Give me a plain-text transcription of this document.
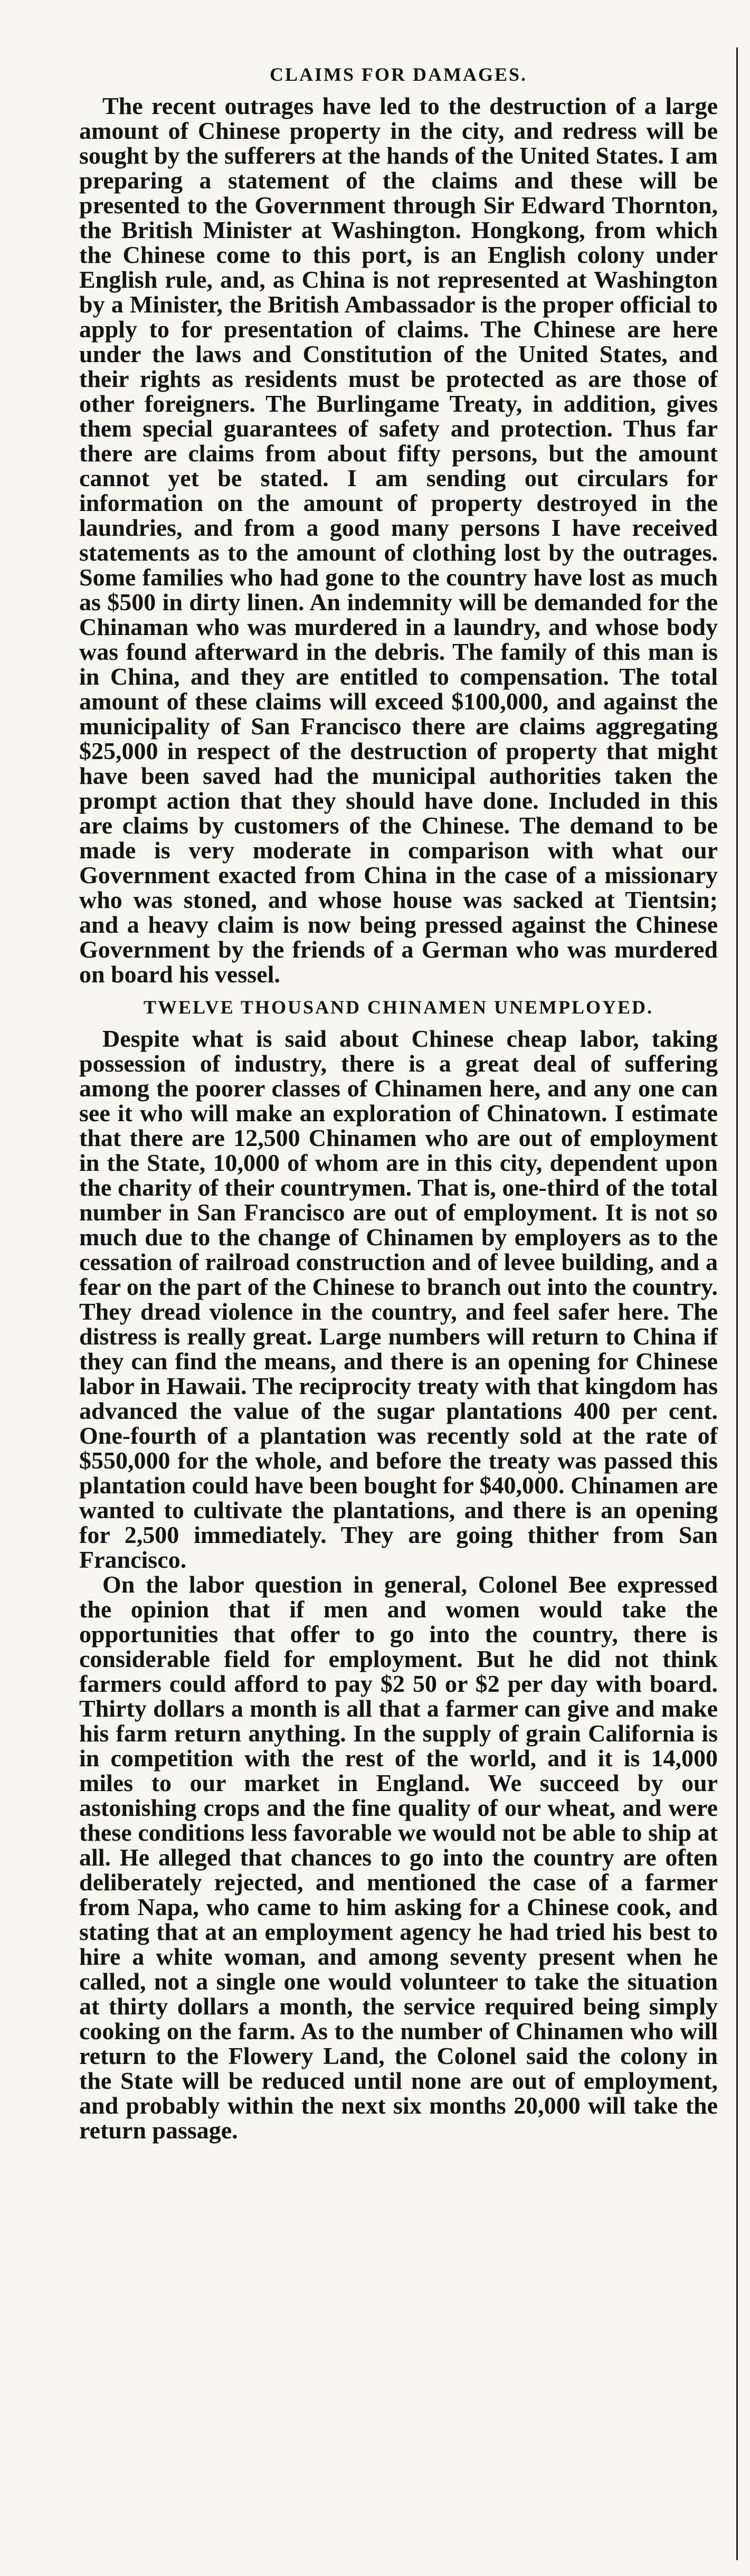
CLAIMS FOR DAMAGES.

The recent outrages have led to the destruction of a large amount of Chinese property in the city, and redress will be sought by the sufferers at the hands of the United States. I am preparing a statement of the claims and these will be presented to the Government through Sir Edward Thornton, the British Minister at Washington. Hongkong, from which the Chinese come to this port, is an English colony under English rule, and, as China is not represented at Washington by a Minister, the British Ambassador is the proper official to apply to for presentation of claims. The Chinese are here under the laws and Constitution of the United States, and their rights as residents must be protected as are those of other foreigners. The Burlingame Treaty, in addition, gives them special guarantees of safety and protection. Thus far there are claims from about fifty persons, but the amount cannot yet be stated. I am sending out circulars for information on the amount of property destroyed in the laundries, and from a good many persons I have received statements as to the amount of clothing lost by the outrages. Some families who had gone to the country have lost as much as $500 in dirty linen. An indemnity will be demanded for the Chinaman who was murdered in a laundry, and whose body was found afterward in the debris. The family of this man is in China, and they are entitled to compensation. The total amount of these claims will exceed $100,000, and against the municipality of San Francisco there are claims aggregating $25,000 in respect of the destruction of property that might have been saved had the municipal authorities taken the prompt action that they should have done. Included in this are claims by customers of the Chinese. The demand to be made is very moderate in comparison with what our Government exacted from China in the case of a missionary who was stoned, and whose house was sacked at Tientsin; and a heavy claim is now being pressed against the Chinese Government by the friends of a German who was murdered on board his vessel.

TWELVE THOUSAND CHINAMEN UNEMPLOYED.

Despite what is said about Chinese cheap labor, taking possession of industry, there is a great deal of suffering among the poorer classes of Chinamen here, and any one can see it who will make an exploration of Chinatown. I estimate that there are 12,500 Chinamen who are out of employment in the State, 10,000 of whom are in this city, dependent upon the charity of their countrymen. That is, one-third of the total number in San Francisco are out of employment. It is not so much due to the change of Chinamen by employers as to the cessation of railroad construction and of levee building, and a fear on the part of the Chinese to branch out into the country. They dread violence in the country, and feel safer here. The distress is really great. Large numbers will return to China if they can find the means, and there is an opening for Chinese labor in Hawaii. The reciprocity treaty with that kingdom has advanced the value of the sugar plantations 400 per cent. One-fourth of a plantation was recently sold at the rate of $550,000 for the whole, and before the treaty was passed this plantation could have been bought for $40,000. Chinamen are wanted to cultivate the plantations, and there is an opening for 2,500 immediately. They are going thither from San Francisco.

On the labor question in general, Colonel Bee expressed the opinion that if men and women would take the opportunities that offer to go into the country, there is considerable field for employment. But he did not think farmers could afford to pay $2 50 or $2 per day with board. Thirty dollars a month is all that a farmer can give and make his farm return anything. In the supply of grain California is in competition with the rest of the world, and it is 14,000 miles to our market in England. We succeed by our astonishing crops and the fine quality of our wheat, and were these conditions less favorable we would not be able to ship at all. He alleged that chances to go into the country are often deliberately rejected, and mentioned the case of a farmer from Napa, who came to him asking for a Chinese cook, and stating that at an employment agency he had tried his best to hire a white woman, and among seventy present when he called, not a single one would volunteer to take the situation at thirty dollars a month, the service required being simply cooking on the farm. As to the number of Chinamen who will return to the Flowery Land, the Colonel said the colony in the State will be reduced until none are out of employment, and probably within the next six months 20,000 will take the return passage.
